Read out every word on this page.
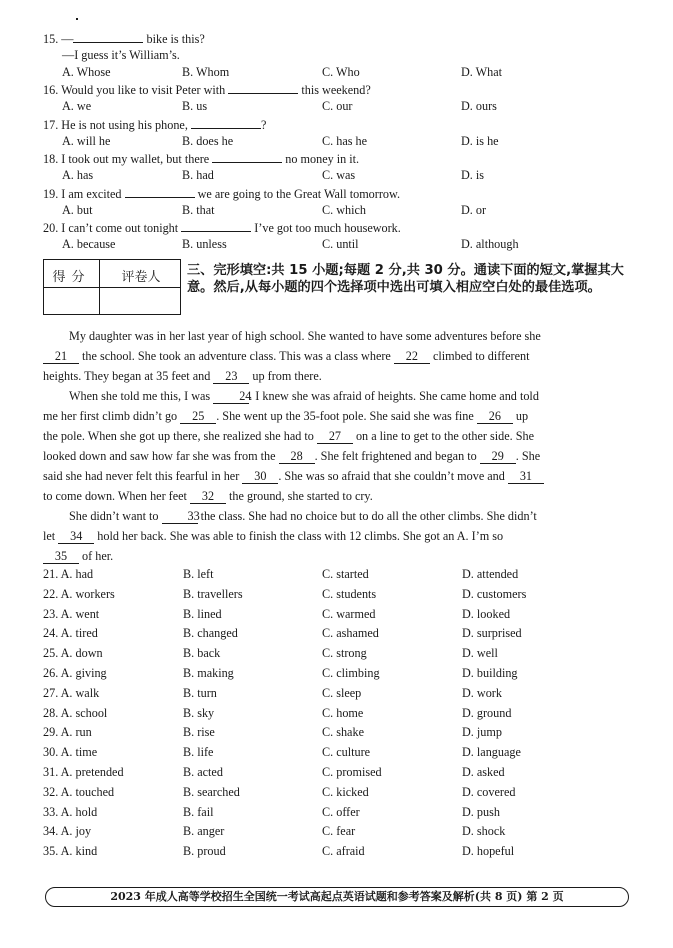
15. —	bike is this?
—I guess it’s William’s.
A. Whose	B. Whom	C. Who	D. What
16. Would you like to visit Peter with	this weekend?
A. we	B. us	C. our	D. ours
17. He is not using his phone,	?
A. will he	B. does he	C. has he	D. is he
18. I took out my wallet, but there	no money in it.
A. has	B. had	C. was	D. is
19. I am excited	we are going to the Great Wall tomorrow.
A. but	B. that	C. which	D. or
20. I can’t come out tonight	I’ve got too much housework.
A. because	B. unless	C. until	D. although
得分	评卷人	三、完形填空:共 15 小题;每题 2 分,共 30 分。通读下面的短文,掌握其大意。然后,从每小题的四个选择项中选出可填入相应空白处的最佳选项。
My daughter was in her last year of high school. She wanted to have some adventures before she
21 the school. She took an adventure class. This was a class where 22 climbed to different
heights. They began at 35 feet and 23 up from there.
When she told me this, I was 24. I knew she was afraid of heights. She came home and told
me her first climb didn’t go 25 . She went up the 35-foot pole. She said she was fine 26 up
the pole. When she got up there, she realized she had to 27 on a line to get to the other side. She
looked down and saw how far she was from the 28 . She felt frightened and began to 29 . She
said she had never felt this fearful in her 30 . She was so afraid that she couldn’t move and 31
to come down. When her feet 32 the ground, she started to cry.
She didn’t want to 33 the class. She had no choice but to do all the other climbs. She didn’t
let 34 hold her back. She was able to finish the class with 12 climbs. She got an A. I’m so
35 of her.
21. A. had	B. left	C. started	D. attended
22. A. workers	B. travellers	C. students	D. customers
23. A. went	B. lined	C. warmed	D. looked
24. A. tired	B. changed	C. ashamed	D. surprised
25. A. down	B. back	C. strong	D. well
26. A. giving	B. making	C. climbing	D. building
27. A. walk	B. turn	C. sleep	D. work
28. A. school	B. sky	C. home	D. ground
29. A. run	B. rise	C. shake	D. jump
30. A. time	B. life	C. culture	D. language
31. A. pretended	B. acted	C. promised	D. asked
32. A. touched	B. searched	C. kicked	D. covered
33. A. hold	B. fail	C. offer	D. push
34. A. joy	B. anger	C. fear	D. shock
35. A. kind	B. proud	C. afraid	D. hopeful
2023 年成人高等学校招生全国统一考试高起点英语试题和参考答案及解析(共 8 页) 第 2 页
